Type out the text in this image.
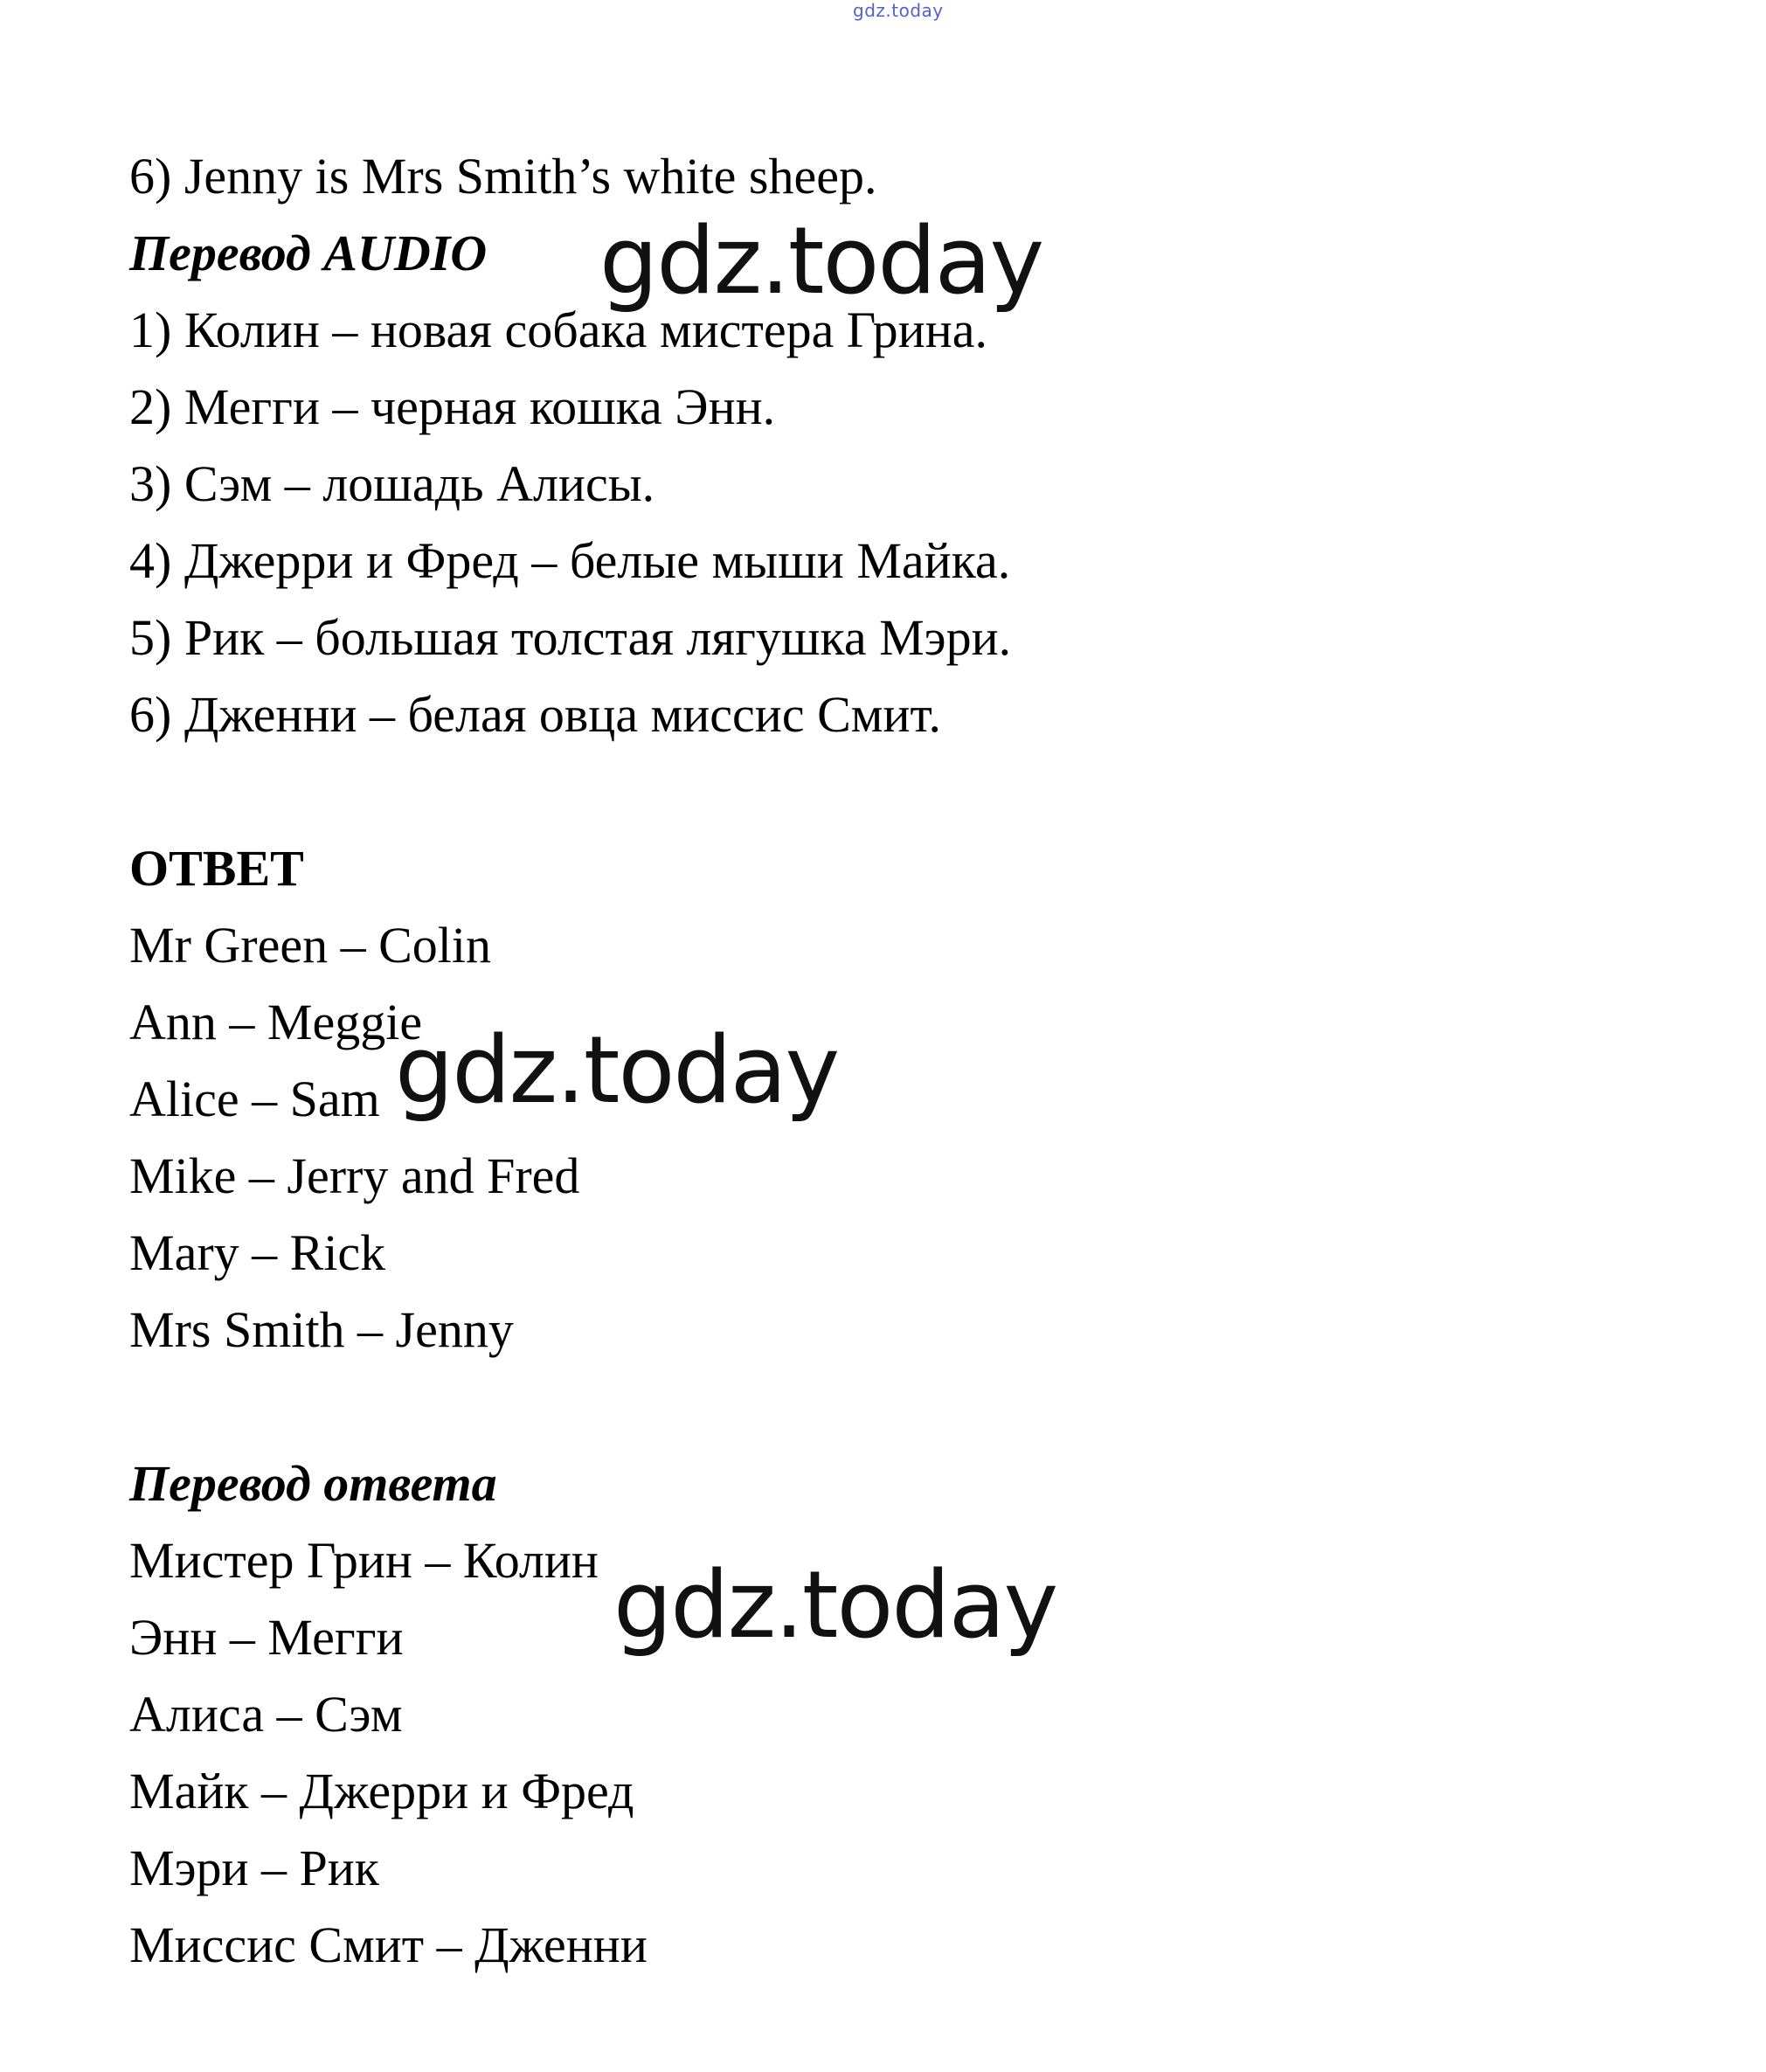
gdz.today
6) Jenny is Mrs Smith’s white sheep.
Перевод AUDIO
1) Колин – новая собака мистера Грина.
2) Мегги – черная кошка Энн.
3) Сэм – лошадь Алисы.
4) Джерри и Фред – белые мыши Майка.
5) Рик – большая толстая лягушка Мэри.
6) Дженни – белая овца миссис Смит.
ОТВЕТ
Mr Green – Colin
Ann – Meggie
Alice – Sam
Mike – Jerry and Fred
Mary – Rick
Mrs Smith – Jenny
Перевод ответа
Мистер Грин – Колин
Энн – Мегги
Алиса – Сэм
Майк – Джерри и Фред
Мэри – Рик
Миссис Смит – Дженни
gdz.today
gdz.today
gdz.today
